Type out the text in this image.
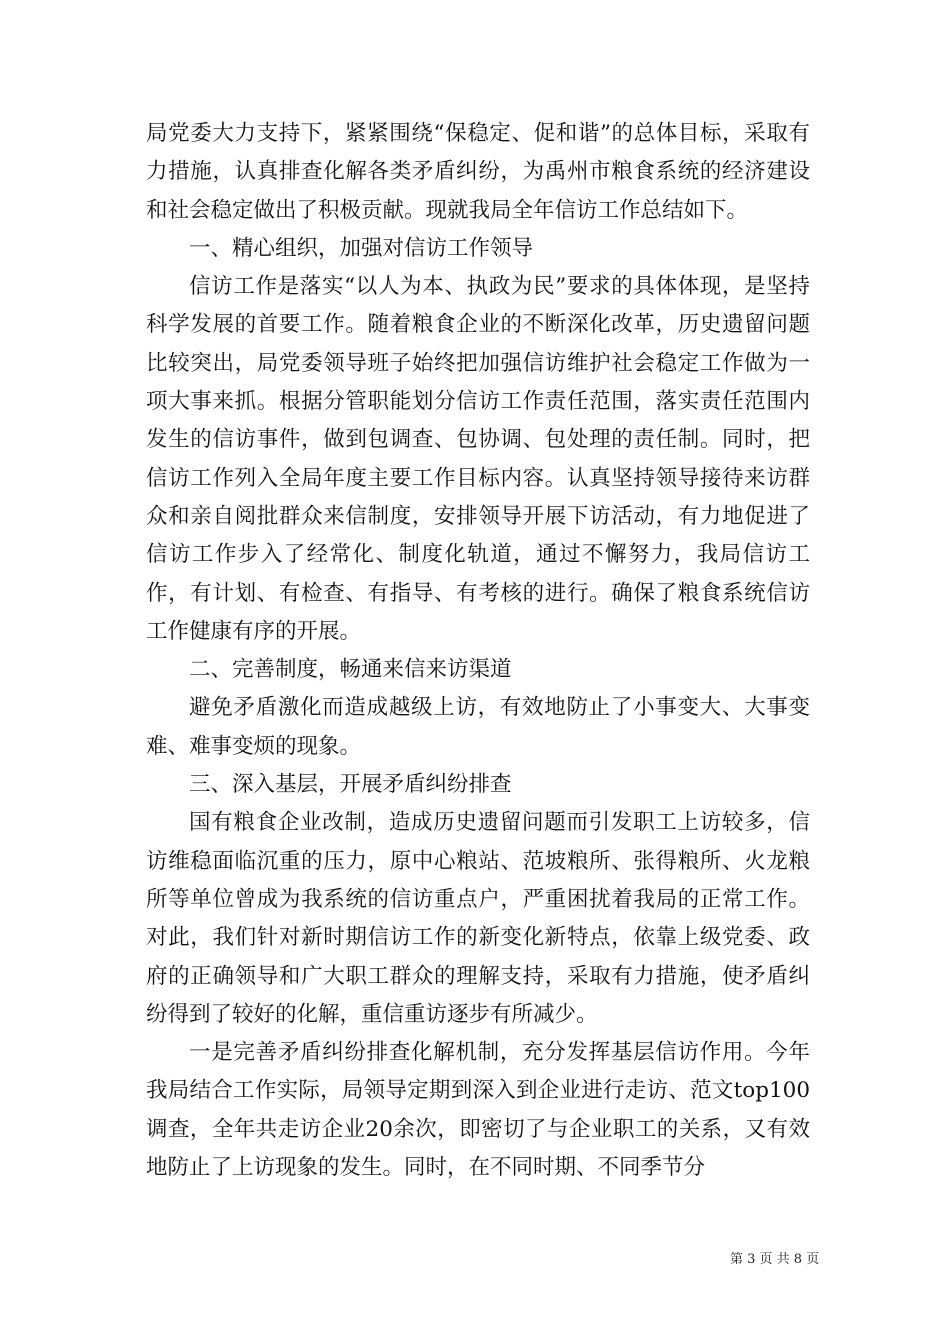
局党委大力支持下，紧紧围绕“保稳定、促和谐”的总体目标，采取有力措施，认真排查化解各类矛盾纠纷，为禹州市粮食系统的经济建设和社会稳定做出了积极贡献。现就我局全年信访工作总结如下。

一、精心组织，加强对信访工作领导

信访工作是落实“以人为本、执政为民”要求的具体体现，是坚持科学发展的首要工作。随着粮食企业的不断深化改革，历史遗留问题比较突出，局党委领导班子始终把加强信访维护社会稳定工作做为一项大事来抓。根据分管职能划分信访工作责任范围，落实责任范围内发生的信访事件，做到包调查、包协调、包处理的责任制。同时，把信访工作列入全局年度主要工作目标内容。认真坚持领导接待来访群众和亲自阅批群众来信制度，安排领导开展下访活动，有力地促进了信访工作步入了经常化、制度化轨道，通过不懈努力，我局信访工作，有计划、有检查、有指导、有考核的进行。确保了粮食系统信访工作健康有序的开展。

二、完善制度，畅通来信来访渠道

避免矛盾激化而造成越级上访，有效地防止了小事变大、大事变难、难事变烦的现象。

三、深入基层，开展矛盾纠纷排查

国有粮食企业改制，造成历史遗留问题而引发职工上访较多，信访维稳面临沉重的压力，原中心粮站、范坡粮所、张得粮所、火龙粮所等单位曾成为我系统的信访重点户，严重困扰着我局的正常工作。对此，我们针对新时期信访工作的新变化新特点，依靠上级党委、政府的正确领导和广大职工群众的理解支持，采取有力措施，使矛盾纠纷得到了较好的化解，重信重访逐步有所减少。

一是完善矛盾纠纷排查化解机制，充分发挥基层信访作用。今年我局结合工作实际，局领导定期到深入到企业进行走访、范文top100调查，全年共走访企业20余次，即密切了与企业职工的关系，又有效地防止了上访现象的发生。同时，在不同时期、不同季节分

第 3 页 共 8 页
